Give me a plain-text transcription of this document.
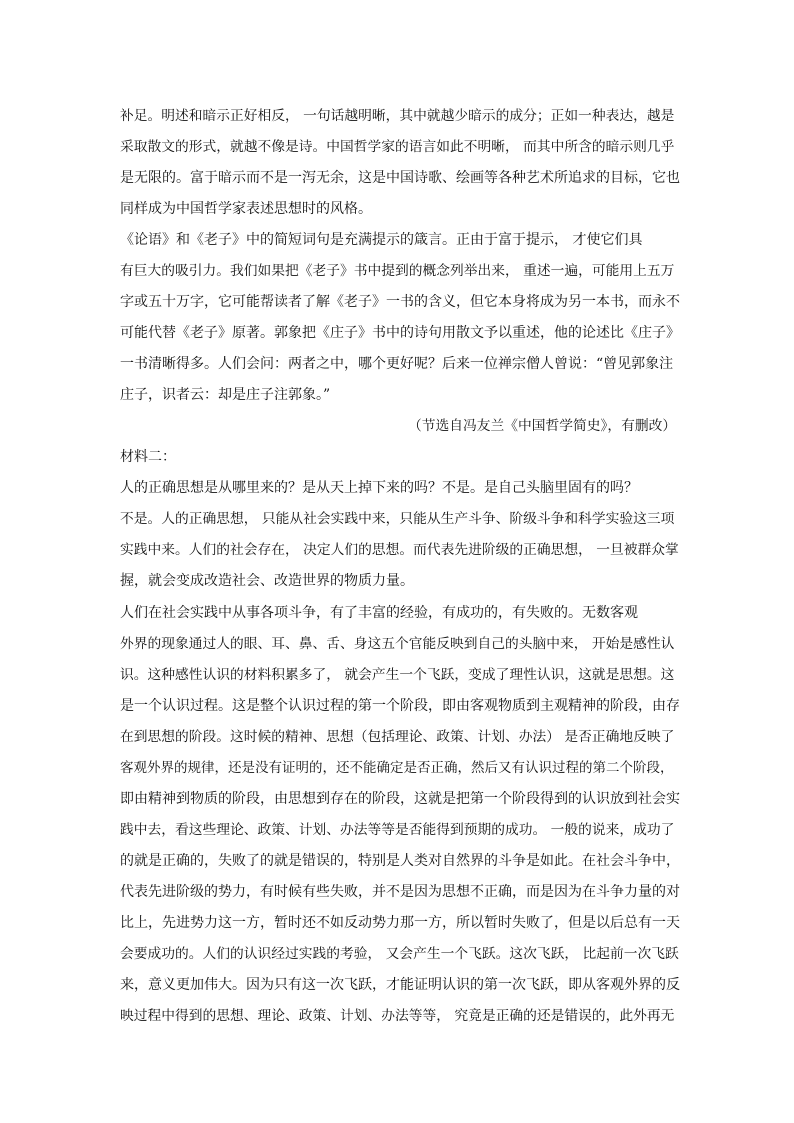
补足。明述和暗示正好相反， 一句话越明晰，其中就越少暗示的成分；正如一种表达，越是
采取散文的形式，就越不像是诗。中国哲学家的语言如此不明晰， 而其中所含的暗示则几乎
是无限的。富于暗示而不是一泻无余，这是中国诗歌、绘画等各种艺术所追求的目标，它也
同样成为中国哲学家表述思想时的风格。
《论语》和《老子》中的简短词句是充满提示的箴言。正由于富于提示， 才使它们具
有巨大的吸引力。我们如果把《老子》书中提到的概念列举出来， 重述一遍，可能用上五万
字或五十万字，它可能帮读者了解《老子》一书的含义，但它本身将成为另一本书，而永不
可能代替《老子》原著。郭象把《庄子》书中的诗句用散文予以重述，他的论述比《庄子》
一书清晰得多。人们会问：两者之中，哪个更好呢？后来一位禅宗僧人曾说：“曾见郭象注
庄子，识者云：却是庄子注郭象。”
（节选自冯友兰《中国哲学简史》，有删改）
材料二：
人的正确思想是从哪里来的？是从天上掉下来的吗？不是。是自己头脑里固有的吗？
不是。人的正确思想， 只能从社会实践中来，只能从生产斗争、阶级斗争和科学实验这三项
实践中来。人们的社会存在， 决定人们的思想。而代表先进阶级的正确思想， 一旦被群众掌
握，就会变成改造社会、改造世界的物质力量。
人们在社会实践中从事各项斗争，有了丰富的经验，有成功的，有失败的。无数客观
外界的现象通过人的眼、耳、鼻、舌、身这五个官能反映到自己的头脑中来， 开始是感性认
识。这种感性认识的材料积累多了， 就会产生一个飞跃，变成了理性认识，这就是思想。这
是一个认识过程。这是整个认识过程的第一个阶段，即由客观物质到主观精神的阶段，由存
在到思想的阶段。这时候的精神、思想（包括理论、政策、计划、办法） 是否正确地反映了
客观外界的规律，还是没有证明的，还不能确定是否正确，然后又有认识过程的第二个阶段，
即由精神到物质的阶段，由思想到存在的阶段，这就是把第一个阶段得到的认识放到社会实
践中去，看这些理论、政策、计划、办法等等是否能得到预期的成功。 一般的说来，成功了
的就是正确的，失败了的就是错误的，特别是人类对自然界的斗争是如此。在社会斗争中，
代表先进阶级的势力，有时候有些失败，并不是因为思想不正确，而是因为在斗争力量的对
比上，先进势力这一方，暂时还不如反动势力那一方，所以暂时失败了，但是以后总有一天
会要成功的。人们的认识经过实践的考验， 又会产生一个飞跃。这次飞跃， 比起前一次飞跃
来，意义更加伟大。因为只有这一次飞跃，才能证明认识的第一次飞跃，即从客观外界的反
映过程中得到的思想、理论、政策、计划、办法等等， 究竟是正确的还是错误的，此外再无
